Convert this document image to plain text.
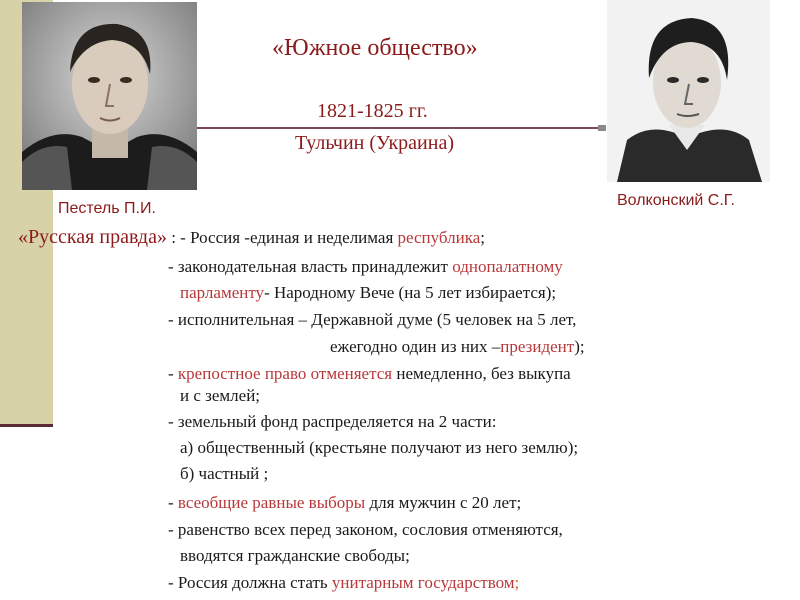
Пестель П.И.	Волконский С.Г.
«Южное общество»
1821-1825 гг.
Тульчин (Украина)
«Русская правда» : - Россия -единая и неделимая республика;
- законодательная власть принадлежит однопалатному
парламенту- Народному Вече (на 5 лет избирается);
- исполнительная – Державной думе (5 человек на 5 лет,
ежегодно один из них –президент);
- крепостное право отменяется немедленно, без выкупа
и с землей;
- земельный фонд распределяется на 2 части:
а) общественный (крестьяне получают из него землю);
б) частный ;
- всеобщие равные выборы для мужчин с 20 лет;
- равенство всех перед законом, сословия отменяются,
вводятся гражданские свободы;
- Россия должна стать унитарным государством;
